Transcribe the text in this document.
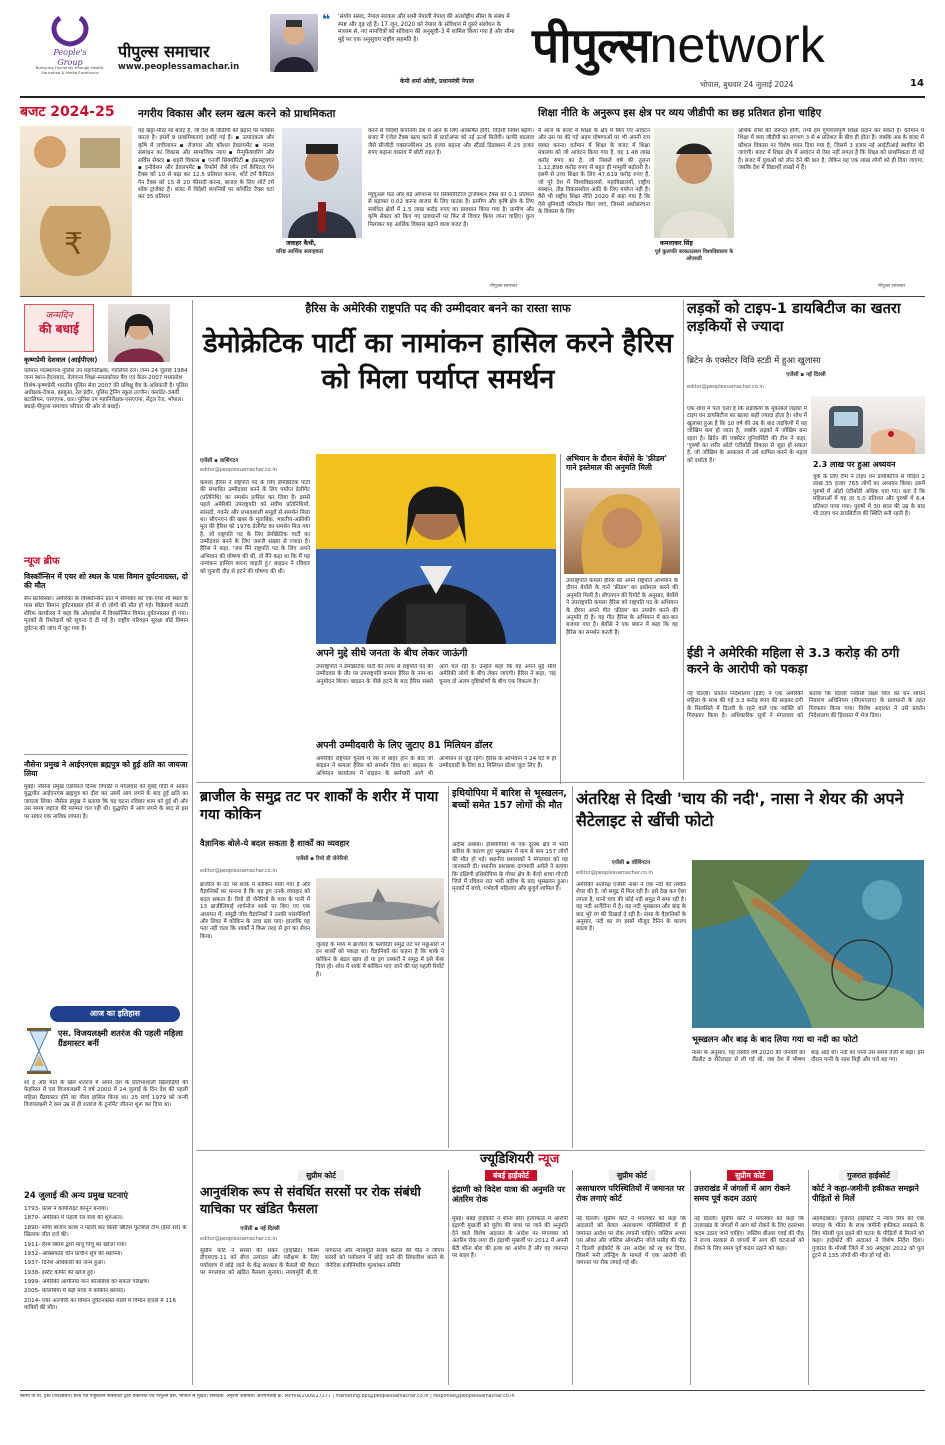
People's Group
Nurturing Humanity through Health, Education & Media Excellence
पीपुल्स समाचार
www.peoplessamachar.in
❝ 'संयोग संसद, नेपाल सरकार और सभी नेपाली नेपाल की अंतर्राष्ट्रीय सीमा के संबंध में स्पष्ट और दृढ़ रहे हैं। 17 जून, 2020 को नेपाल के संविधान में दूसरे संशोधन के माध्यम से, नए मानचित्रों को संविधान की अनुसूची-3 में शामिल किया गया है और सीमा मुद्दे पर एक अनुसूचय राष्ट्रीय सहमति है।
केपी शर्मा ओली, प्रधानमंत्री नेपाल
पीपुल्सnetwork
भोपाल, बुधवार 24 जुलाई 2024	14
बजट 2024-25
₹
नगरीय विकास और स्लम खत्म करने को प्राथमिकता
यह खट्टा-मीठा सा बजट है, जो देश के जीडीपी को बढ़ाने पर फोकस करता है। इसमें 9 प्राथमिकताएं दर्शाई गई हैं। ▪ उत्पादकता और कृषि में लचीलापन ▪ रोजगार और कौशल डेवलपमेंट ▪ मानव संसाधन का विकास और सामाजिक न्याय ▪ मैन्युफैक्चरिंग और सर्विस सेक्टर ▪ शहरी विकास ▪ एनर्जी सिक्योरिटी ▪ इंफ्रास्ट्रक्चर ▪ इनोवेशन और डेवलपमेंट ▪ रिफॉर्म जैसे लोन टर्म कैपिटल गेन टैक्स को 10 से बढ़ा कर 12.5 प्रतिशत करना, शॉर्ट टर्म कैपिटल गेन टैक्स को 15 से 20 फीसदी करना, बाजार के लिए शॉर्ट टर्म शॉक ट्रांजेक्ट है। बजट में विदेशी कंपनियों पर कॉर्पोरेट टैक्स घटा कर 35 प्रतिशत
जवाहर कैथी,
वरिष्ठ आर्थिक सलाहकार
करने से विदेशी कंपनियां देश में आने के लिए आकर्षित होंगी, विदेशी निवेश बढ़ेगा। बजट में एंजेल टैक्स खत्म करने से स्टार्टअप्स को नई ऊर्जा मिलेगी। काफी बदलाव जैसे सीजीटी एक्सप्लोरेशन 25 हजार बढ़ाना और स्टैंडर्ड डिडक्शन में 25 हजार रुपए बढ़ाना वास्तव में छोटी राहत है।
म्यूचुअल फंड और बड़े ऑप्शन्स पर सिक्योरिटीज ट्रांजेक्शन टैक्स को 0.1 प्रतिशत से बढ़ाकर 0.02 करना बाजार के लिए घातक है। ग्रामीण और कृषि क्षेत्र के लिए संबंधित क्षेत्रों में 1.5 लाख करोड़ रुपए का प्रावधान किया गया है। ग्रामीण और कृषि सेक्टर को किए गए प्रावधानों पर फिर से विचार किया जाना चाहिए। कुल मिलाकर यह आर्थिक विकास बढ़ाने वाला बजट है।
पीपुल्स समाचार
शिक्षा नीति के अनुरूप इस क्षेत्र पर व्यय जीडीपी का छह प्रतिशत होना चाहिए
मैं आज के बजट में शिक्षा के क्षेत्र में किए गए आवंटन और उस पर की गई अहम घोषणाओं पर भी अपनी राय व्यक्त करना। वर्तमान में शिक्षा के बजट में शिक्षा मंत्रालय को जो आवंटन किया गया है, वह 1.48 लाख करोड़ रुपए का है, जो पिछले वर्ष की तुलना 1,12,898 करोड़ रुपए से बहुत ही मामूली बढ़ोतरी है। इसमें से उच्च शिक्षा के लिए 47,619 करोड़ रुपए है, जो पूरे देश में विश्वविद्यालयों, महाविद्यालयों, राष्ट्रीय संस्थान, तीव्र विकासशील आदि के लिए पर्याप्त नहीं है। वैसे भी राष्ट्रीय शिक्षा नीति 2020 में कहा गया है कि ऐसे बुनियादी परिवर्तन किए जाएं, जिससे अधोसंरचना के विकास के लिए
कमलाकर सिंह
पूर्व कुलपति बरकतउल्ला विश्वविद्यालय के ओएसडी
अधिक राशि की जरूरत होगी, तभी हम गुणवत्तापूर्ण शिक्षा प्रदान कर सकते हैं। वर्तमान में शिक्षा में व्यय जीडीपी का लगभग 3 से 4 प्रतिशत के बीच ही होता है। जबकि अब के बजट में कौशल विकास पर विशेष ध्यान दिया गया है, जिसमें 3 हजार नई आईटीआई स्थापित की जाएंगी। बजट में शिक्षा क्षेत्र में आवंटन से ऐसा नहीं लगता है कि शिक्षा को प्राथमिकता दी गई है। बजट में युवाओं को लोन देने की बात है, लेकिन यह एक लाख लोगों को ही दिया जाएगा, जबकि देश में विद्यार्थी लाखों में हैं।
पीपुल्स समाचार
जन्मदिन
की बधाई
कृष्णप्रेमी देशवाल (आईपीएस)
वर्तमान पदस्थापना-पुलिस उप महानिरीक्षक, ग्वालियर रेंज। जन्म-24 जुलाई 1984 जन्म स्थान-हैदराबाद, तेलंगाना शिक्षा-स्नातकोत्तर बैच एवं कैडर-2007 मध्यप्रदेश विशेष-कृष्णप्रेमी भारतीय पुलिस सेवा 2007 की प्रशिक्षु बैच के अधिकारी हैं। पुलिस अधीक्षक-देवास, झाबुआ, रेल इंदौर, पुलिस ट्रेनिंग स्कूल उज्जैन। कमांडेंट-34वीं बटालियन, एसएएफ, धार। पुलिस उप महानिरीक्षक-एसएएफ, सेंट्रल रेंज, भोपाल। बधाई-पीपुल्स समाचार परिवार की ओर से बधाई।
न्यूज ब्रीफ
विस्कॉन्सिन में एयर शो स्थल के पास विमान दुर्घटनाग्रस्त, दो की मौत
सैन फ्रांसिस्को। अमेरिका के विस्कॉन्सिन प्रांत में सोमवार को एक एयर शो स्थल के पास छोटा विमान दुर्घटनाग्रस्त होने से दो लोगों की मौत हो गई। विन्नेबागो काउंटी शेरिफ कार्यालय ने कहा कि ओशकोश में विस्कॉन्सिन विमान दुर्घटनाग्रस्त हो गया। मृतकों के रिश्तेदारों को सूचना दे दी गई है। राष्ट्रीय परिवहन सुरक्षा बोर्ड विमान दुर्घटना की जांच में जुट गया है।
नौसेना प्रमुख ने आईएनएस ब्रह्मपुत्र को हुई क्षति का जायजा लिया
मुंबई। नौसेना प्रमुख एडमिरल दिनेश त्रिपाठी ने मंगलवार को मुंबई गोदी में आकर युद्धपोत आईएनएस ब्रह्मपुत्र का दौरा कर उसमें आग लगने के बाद हुई क्षति का जायजा लिया। नौसेना प्रमुख ने बताया कि यह घटना रविवार शाम को हुई थी और उस समय जहाज की मरम्मत चल रही थी। युद्धपोत में आग लगने के बाद से इस पर सवार एक नाविक लापता है।
आज का इतिहास
एस. विजयलक्ष्मी शतरंज की पहली महिला ग्रैंडमास्टर बनीं
शा ह और मात के खेल शतरंज में अपने देश के प्रतिभाशाली खिलाड़ियों की फेहरिस्त में एस विजयलक्ष्मी ने वर्ष 2000 में 24 जुलाई के दिन देश की पहली महिला ग्रैंडमास्टर होने का गौरव हासिल किया था। 25 मार्च 1979 को जन्मी विजयलक्ष्मी ने कम उम्र से ही शतरंज के टूर्नामेंट जीतना शुरू कर दिया था।
24 जुलाई की अन्य प्रमुख घटनाएं
1793- फ्रांस ने कॉपीराइट कानून बनाया।
1870- अमेरिका में पहली रेल सेवा की शुरुआत।
1890- सोवा बाजार बलब ने पहली बार किसी ब्रिटिश फुटबॉल टीम (ईस्ट सरे) के खिलाफ जीत दर्ज की।
1911- हैरम बिंघम द्वारा माचू पिचू का खोजा गया।
1932- ऑक्सफोर्ड चीन प्राचीन सूत्र की स्थापना।
1937- दिनेश अधिकारी का जन्म हुआ।
1938- इंस्टैंट कॉफी की खोज हुई।
1999- अमेरिकी आर्मेनिया यान कोलंबिया का सफल परीक्षण।
2005- कोलंबिया मैं बड़ी मात्रा में कोकीन बरामद।
2014- एयर अल्जीरी का विमान दुर्घटनाग्रस्त माली में विमान हादसे में 116 यात्रियों की मौत।
हैरिस के अमेरिकी राष्ट्रपति पद की उम्मीदवार बनने का रास्ता साफ
डेमोक्रेटिक पार्टी का नामांकन हासिल करने हैरिस को मिला पर्याप्त समर्थन
एजेंसी ▪ वाशिंगटन
editor@peoplessamachar.co.in
कमला हैरिस ने राष्ट्रपति पद के लिए डेमोक्रेटिक पार्टी की संभावित उम्मीदवार बनने के लिए पर्याप्त डेलीगेट (प्रतिनिधि) का समर्थन हासिल कर लिया है। इससे पहले अमेरिकी उपराष्ट्रपति को संघीय प्रतिनिधियों, सांसदों, गवर्नर और प्रभावशाली समूहों से समर्थन मिला था। सीएनएन की खबर के मुताबिक, भारतीय-अफ्रीकी मूल की हैरिस को 1976 डेलीगेट का समर्थन मिल गया है, जो राष्ट्रपति पद के लिए डेमोक्रेटिक पार्टी का उम्मीदवार बनने के लिए जरूरी संख्या से ज्यादा है। हैरिस ने कहा, 'जब मैंने राष्ट्रपति पद के लिए अपने अभियान की घोषणा की थी, तो मैंने कहा था कि मैं यह नामांकन हासिल करना चाहती हूं।' बाइडन ने रविवार को चुनावी दौड़ से हटने की घोषणा की थी।
अपने मुद्दे सीधे जनता के बीच लेकर जाऊंगी
उपराष्ट्रपति ने डेमोक्रेटिक पार्टी की तरफ से राष्ट्रपति पद की उम्मीदवार के तौर पर उपराष्ट्रपति कमला हैरिस के नाम का अनुमोदन किया। बाइडन के पीछे हटने के बाद हैरिस सबसे आगे चल रही हैं। उन्होंने कहा कि वह अपने मुद्दे सीधे अमेरिकी लोगों के बीच लेकर जाएंगी। हैरिस ने कहा, 'यह चुनाव दो अलग दृष्टिकोणों के बीच एक विकल्प है।'
अपनी उम्मीदवारी के लिए जुटाए 81 मिलियन डॉलर
अमेरिकी राष्ट्रपति चुनाव में रेस से बाहर होने के बाद जो बाइडन ने कमला हैरिस को समर्थन दिया था। बाइडन के अभियान कार्यालय में बाइडन के कर्मचारी आगे भी अभियान से जुड़े रहेंगे। हैरिस के अभियान ने 24 घंटे में ही उम्मीदवारी के लिए 81 मिलियन डॉलर जुटा लिए हैं।
अभियान के दौरान बेयोंसे के 'फ्रीडम' गाने इस्तेमाल की अनुमति मिली
उपराष्ट्रपति कमला हैरिस को अपने राष्ट्रपति अभियान के दौरान बेयोंसे के गाने 'फ्रीडम' का इस्तेमाल करने की अनुमति मिली है। सीएनएन की रिपोर्ट के अनुसार, बेयोंसे ने उपराष्ट्रपति कमला हैरिस को राष्ट्रपति पद के अभियान के दौरान अपने गीत 'फ्रीडम' का उपयोग करने की अनुमति दी है। यह गीत हैरिस के अभियान में बार-बार बजाया गया है। बेयोंसे ने एक बयान में कहा कि वह हैरिस का समर्थन करती हैं।
लड़कों को टाइप-1 डायबिटीज का खतरा लड़कियों से ज्यादा
ब्रिटेन के एक्सेटर विवि स्टडी में हुआ खुलासा
एजेंसी ▪ नई दिल्ली
editor@peoplessamachar.co.in
एक शोध में पता चला है कि लड़कियों के मुकाबले लड़कों में टाइप वन डायबिटीज का खतरा कहीं ज्यादा होता है। शोध में खुलासा हुआ है कि 10 वर्ष की उम्र के बाद लड़कियों में यह जोखिम कम हो जाता है, जबकि लड़कों में जोखिम बना रहता है। ब्रिटेन की एक्सेटर यूनिवर्सिटी की टीम ने कहा, 'पुरुषों का शरीर ऑटो एंटीबॉडी विकास से जुड़ा हो सकता है, जो जोखिम के आकलन में उसे शामिल करने के महत्व को दर्शाता है।'	2.3 लाख पर हुआ अध्ययन
यूके के लिए टीम ने टाइप वन डायबिटीज से पीड़ित 2 लाख 35 हजार 765 लोगों का अध्ययन किया। इसमें पुरुषों में ऑटो एंटीबॉडी अधिक पाए गए। बता दें कि महिलाओं में यह दर 5.0 प्रतिशत और पुरुषों में 6.4 प्रतिशत पाया गया। पुरुषों में 30 साल की उम्र के बाद भी टाइप वन डायबिटीज की स्थिति बनी रहती है।
ईडी ने अमेरिकी महिला से 3.3 करोड़ की ठगी करने के आरोपी को पकड़ा
नई दिल्ली। प्रवर्तन निदेशालय (ईडी) ने एक अमेरिकी महिला के साथ की गई 3.3 करोड़ रुपए की साइबर ठगी के सिलसिले में दिल्ली के रहने वाले एक व्यक्ति को गिरफ्तार किया है। अधिकारिक सूत्रों ने मंगलवार को बताया कि दिल्ली निवासी लक्ष्य विज को धन शोधन निवारण अधिनियम (पीएमएलए) के प्रावधानों के तहत गिरफ्तार किया गया। विशेष अदालत ने उसे प्रवर्तन निदेशालय की हिरासत में भेज दिया।
ब्राजील के समुद्र तट पर शार्कों के शरीर में पाया गया कोकिन
वैज्ञानिक बोले-ये बदल सकता है शार्कों का व्यवहार
एजेंसी ▪ रियो डी जेनेरियो
editor@peoplessamachar.co.in
ब्राजील के तट पर शार्क में कोकिन पाया गया है और वैज्ञानिकों का मानना है कि यह ड्रग उनके व्यवहार को बदल सकता है। रियो डी जेनेरियो के पास के पानी में 13 ब्राजीलियाई शार्पनोज शार्क पर किए गए एक अध्ययन में, समुद्री जीव वैज्ञानिकों ने उनकी मांसपेशियों और लिवर में कोकिन के उच्च स्तर पाए। हालांकि यह पता नहीं चला कि शार्कों ने किस तरह से ड्रग का सेवन किया।
जुलाई के मध्य में ब्राजील के फ्लोरिडा समुद्र तट पर मछुआरों ने इन शार्कों को पकड़ा था। वैज्ञानिकों का कहना है कि शार्क ने कोकिन के बंडल खाए हों या ड्रग तस्करों ने समुद्र में इसे फेंक दिया हो। शोध में शार्क में कोकिन पाए जाने की यह पहली रिपोर्ट है।
इथियोपिया में बारिश से भूस्खलन, बच्चों समेत 157 लोगों की मौत
अदीस अबाबा। इथियोपिया के एक दूरस्थ क्षेत्र में भारी बारिश के कारण हुए भूस्खलन में कम से कम 157 लोगों की मौत हो गई। स्थानीय प्रशासकों ने मंगलवार को यह जानकारी दी। स्थानीय प्रशासक दागमावी अयेले ने बताया कि दक्षिणी इथियोपिया के गोफा क्षेत्र के केंचो शाचा गोज्दी जिले में रविवार रात भारी बारिश के बाद भूस्खलन हुआ। मृतकों में बच्चे, गर्भवती महिलाएं और बुजुर्ग शामिल हैं।
अंतरिक्ष से दिखी 'चाय की नदी', नासा ने शेयर की अपने सैटेलाइट से खींची फोटो
एजेंसी ▪ वॉशिंगटन
editor@peoplessamachar.co.in
अमेरिकी अंतरिक्ष एजेंसी नासा ने एक नदी की तस्वीर शेयर की है, जो समुद्र में मिल रही है। इसे देख कर ऐसा लगता है, मानो चाय की कोई नदी समुद्र में समा रही है। यह नदी अर्जेंटीना में है। यह नदी भूस्खलन और बाढ़ के बाद भूरे रंग की दिखाई दे रही है। नासा के वैज्ञानिकों के अनुसार, नदी का रंग इसमें मौजूद टैनिन के कारण बदला है।
भूस्खलन और बाढ़ के बाद लिया गया था नदी का फोटो
नासा के अनुसार, यह तस्वीर वर्ष 2020 की जनवरी को लैंडसैट 8 सैटेलाइट से ली गई थी, जब देश में भीषण बाढ़ आई थी। नदी का पानी उस समय तेजी से बढ़ा। इस दौरान पानी के साथ मिट्टी और पत्ते बह गए।
ज्यूडिशियरी न्यूज
सुप्रीम कोर्ट
आनुवंशिक रूप से संवर्धित सरसों पर रोक संबंधी याचिका पर खंडित फैसला
एजेंसी ▪ नई दिल्ली
editor@peoplessamachar.co.in
सुप्रीम कोर्ट ने सरसों की संकर (हाइब्रिड) किस्म डीएमएच-11 को बीज उत्पादन और परीक्षण के लिए पर्यावरण में छोड़े जाने के केंद्र सरकार के फैसले की वैधता पर मंगलवार को खंडित फैसला सुनाया। न्यायमूर्ति बी.वी. नागरत्ना और न्यायमूर्ति संजय करोल की पीठ ने जीएम सरसों को पर्यावरण में छोड़े जाने की सिफारिश करने के जेनेटिक इंजीनियरिंग मूल्यांकन समिति
बंबई हाईकोर्ट
इंद्राणी को विदेश यात्रा की अनुमति पर अंतरिम रोक
मुंबई। बंबई हाईकोर्ट ने शीना बोरा हत्याकांड में आरोपी इंद्राणी मुखर्जी को यूरोप की यात्रा पर जाने की अनुमति देने वाले विशेष अदालत के आदेश पर मंगलवार को अंतरिम रोक लगा दी। इंद्राणी मुखर्जी पर 2012 में अपनी बेटी शीना बोरा की हत्या का आरोप है और वह जमानत पर बाहर है।
सुप्रीम कोर्ट
असाधारण परिस्थितियों में जमानत पर रोक लगाएं कोर्ट
नई दिल्ली। सुप्रीम कोर्ट ने मंगलवार को कहा कि अदालतों को केवल असाधारण परिस्थितियों में ही जमानत आदेश पर रोक लगानी चाहिए। जस्टिस अभय एस ओका और जस्टिस ऑगस्टीन जॉर्ज मसीह की पीठ ने दिल्ली हाईकोर्ट के उस आदेश को रद्द कर दिया, जिसमें मनी लॉन्ड्रिंग के मामले में एक आरोपी की जमानत पर रोक लगाई गई थी।
सुप्रीम कोर्ट
उत्तराखंड में जंगलों में आग रोकने समय पूर्व कदम उठाएं
नई दिल्ली। सुप्रीम कोर्ट ने मंगलवार को कहा कि उत्तराखंड के जंगलों में आग को रोकने के लिए हरसंभव कदम उठाए जाने चाहिए। जस्टिस बीआर गवई की पीठ ने राज्य सरकार से जंगलों में आग की घटनाओं को रोकने के लिए समय पूर्व कदम उठाने को कहा।
गुजरात हाईकोर्ट
कोर्ट ने कहा-जमीनी हकीकत समझने पीड़ितों से मिलें
अहमदाबाद। गुजरात हाईकोर्ट ने न्याय मित्र को एक सप्ताह के भीतर के साथ जमीनी हकीकत समझने के लिए मोरबी पुल ढहने की घटना के पीड़ितों से मिलने को कहा। हाईकोर्ट की अदालत ने विशेष निर्देश दिया। गुजरात के मोरबी जिले में 30 अक्टूबर 2022 को पुल टूटने से 135 लोगों की मौत हो गई थी।
स्वामी पी.पी. ट्रस्ट (फाउंडेशन) हेल्थ एंड एजुकेशन सोसायटी द्वारा प्रकाशित एवं पीपुल्स प्रेस, भोपाल से मुद्रित। संपादक: अनुराग अग्रवाल। आरएनआई क्र. MPHIN/2009/27277 | marketing.bpl@peoplessamachar.co.in | response@peoplessamachar.co.in
